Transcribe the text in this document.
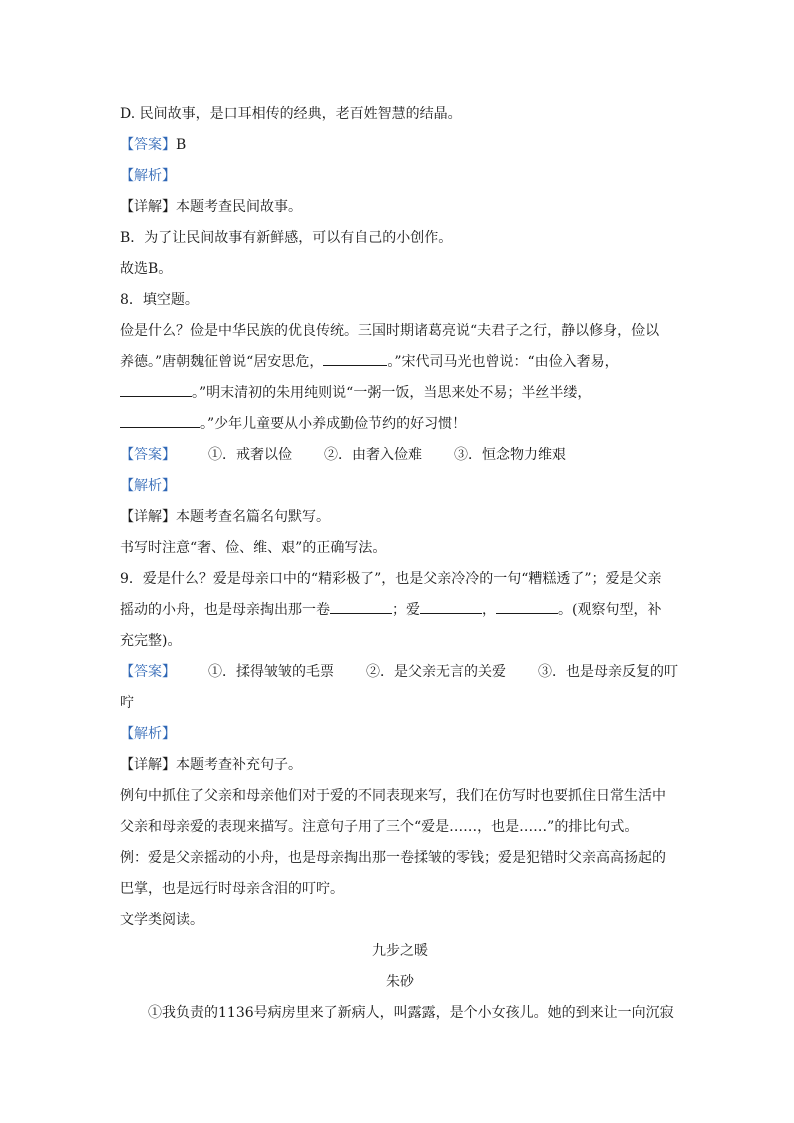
D. 民间故事，是口耳相传的经典，老百姓智慧的结晶。
【答案】B
【解析】
【详解】本题考查民间故事。
B．为了让民间故事有新鲜感，可以有自己的小创作。
故选B。
8．填空题。
俭是什么？俭是中华民族的优良传统。三国时期诸葛亮说“夫君子之行，静以修身，俭以
养德。”唐朝魏征曾说“居安思危，	。”宋代司马光也曾说：“由俭入奢易，
。”明末清初的朱用纯则说“一粥一饭，当思来处不易；半丝半缕，
。”少年儿童要从小养成勤俭节约的好习惯！
【答案】 ①．戒奢以俭 ②．由奢入俭难 ③．恒念物力维艰
【解析】
【详解】本题考查名篇名句默写。
书写时注意“奢、俭、维、艰”的正确写法。
9．爱是什么？爱是母亲口中的“精彩极了”，也是父亲冷冷的一句“糟糕透了”；爱是父亲
摇动的小舟，也是母亲掏出那一卷	；爱	，	。(观察句型，补
充完整)。
【答案】 ①．揉得皱皱的毛票 ②．是父亲无言的关爱 ③．也是母亲反复的叮
咛
【解析】
【详解】本题考查补充句子。
例句中抓住了父亲和母亲他们对于爱的不同表现来写，我们在仿写时也要抓住日常生活中
父亲和母亲爱的表现来描写。注意句子用了三个“爱是……，也是……”的排比句式。
例：爱是父亲摇动的小舟，也是母亲掏出那一卷揉皱的零钱；爱是犯错时父亲高高扬起的
巴掌，也是远行时母亲含泪的叮咛。
文学类阅读。
九步之暖
朱砂
①我负责的1136号病房里来了新病人，叫露露，是个小女孩儿。她的到来让一向沉寂
